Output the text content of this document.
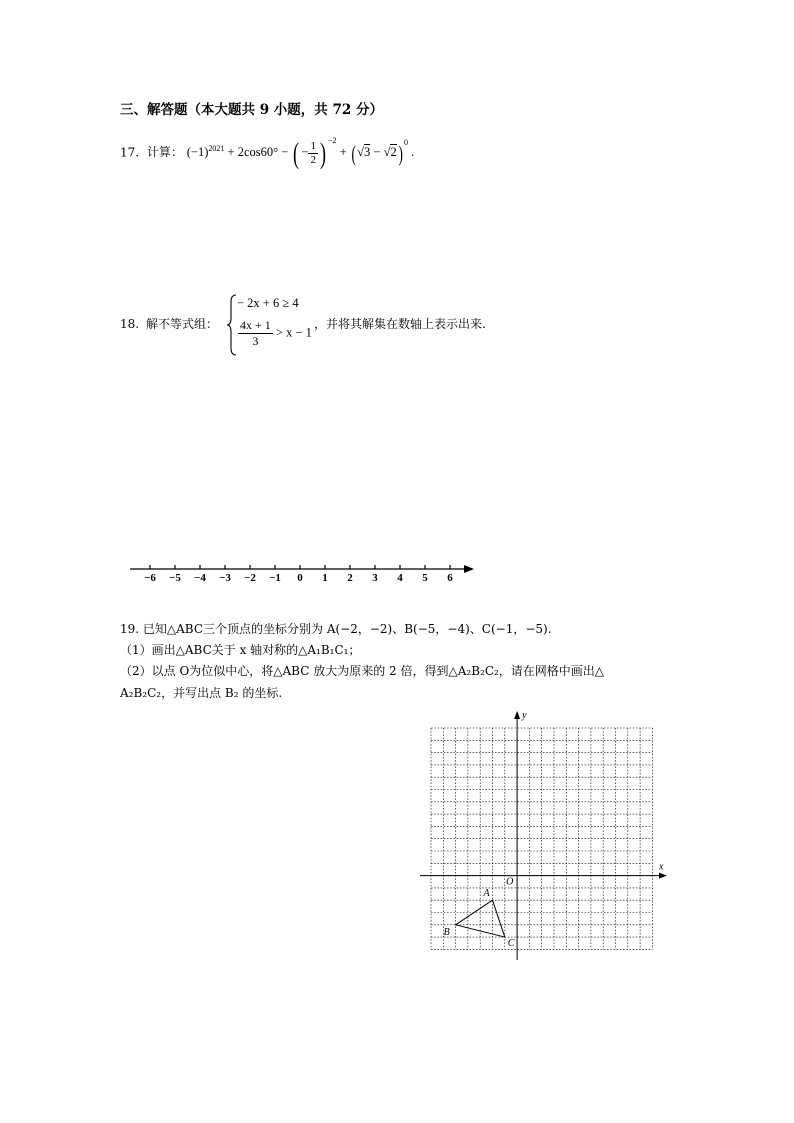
三、解答题（本大题共 9 小题，共 72 分）
17. 计算： $(-1)^{2021} + 2\cos 60^\circ$ − ( − $\frac{1}{2}$ ) $^{-2} + (√3 - √2)^0$ .
18. 解不等式组：
− 2x + 6 ≥ 4
$\frac{4x + 1}{3} > x - 1$
，并将其解集在数轴上表示出来.
−6 −5 −4 −3 −2 −1 0 1 2 3 4 5 6
19. 已知△ABC三个顶点的坐标分别为 A(−2，−2)、B(−5，−4)、C(−1，−5).
（1）画出△ABC关于 x 轴对称的△A₁B₁C₁；
（2）以点 O为位似中心，将△ABC 放大为原来的 2 倍，得到△A₂B₂C₂，请在网格中画出△
A₂B₂C₂，并写出点 B₂ 的坐标.
A
B
C
x
y
O
